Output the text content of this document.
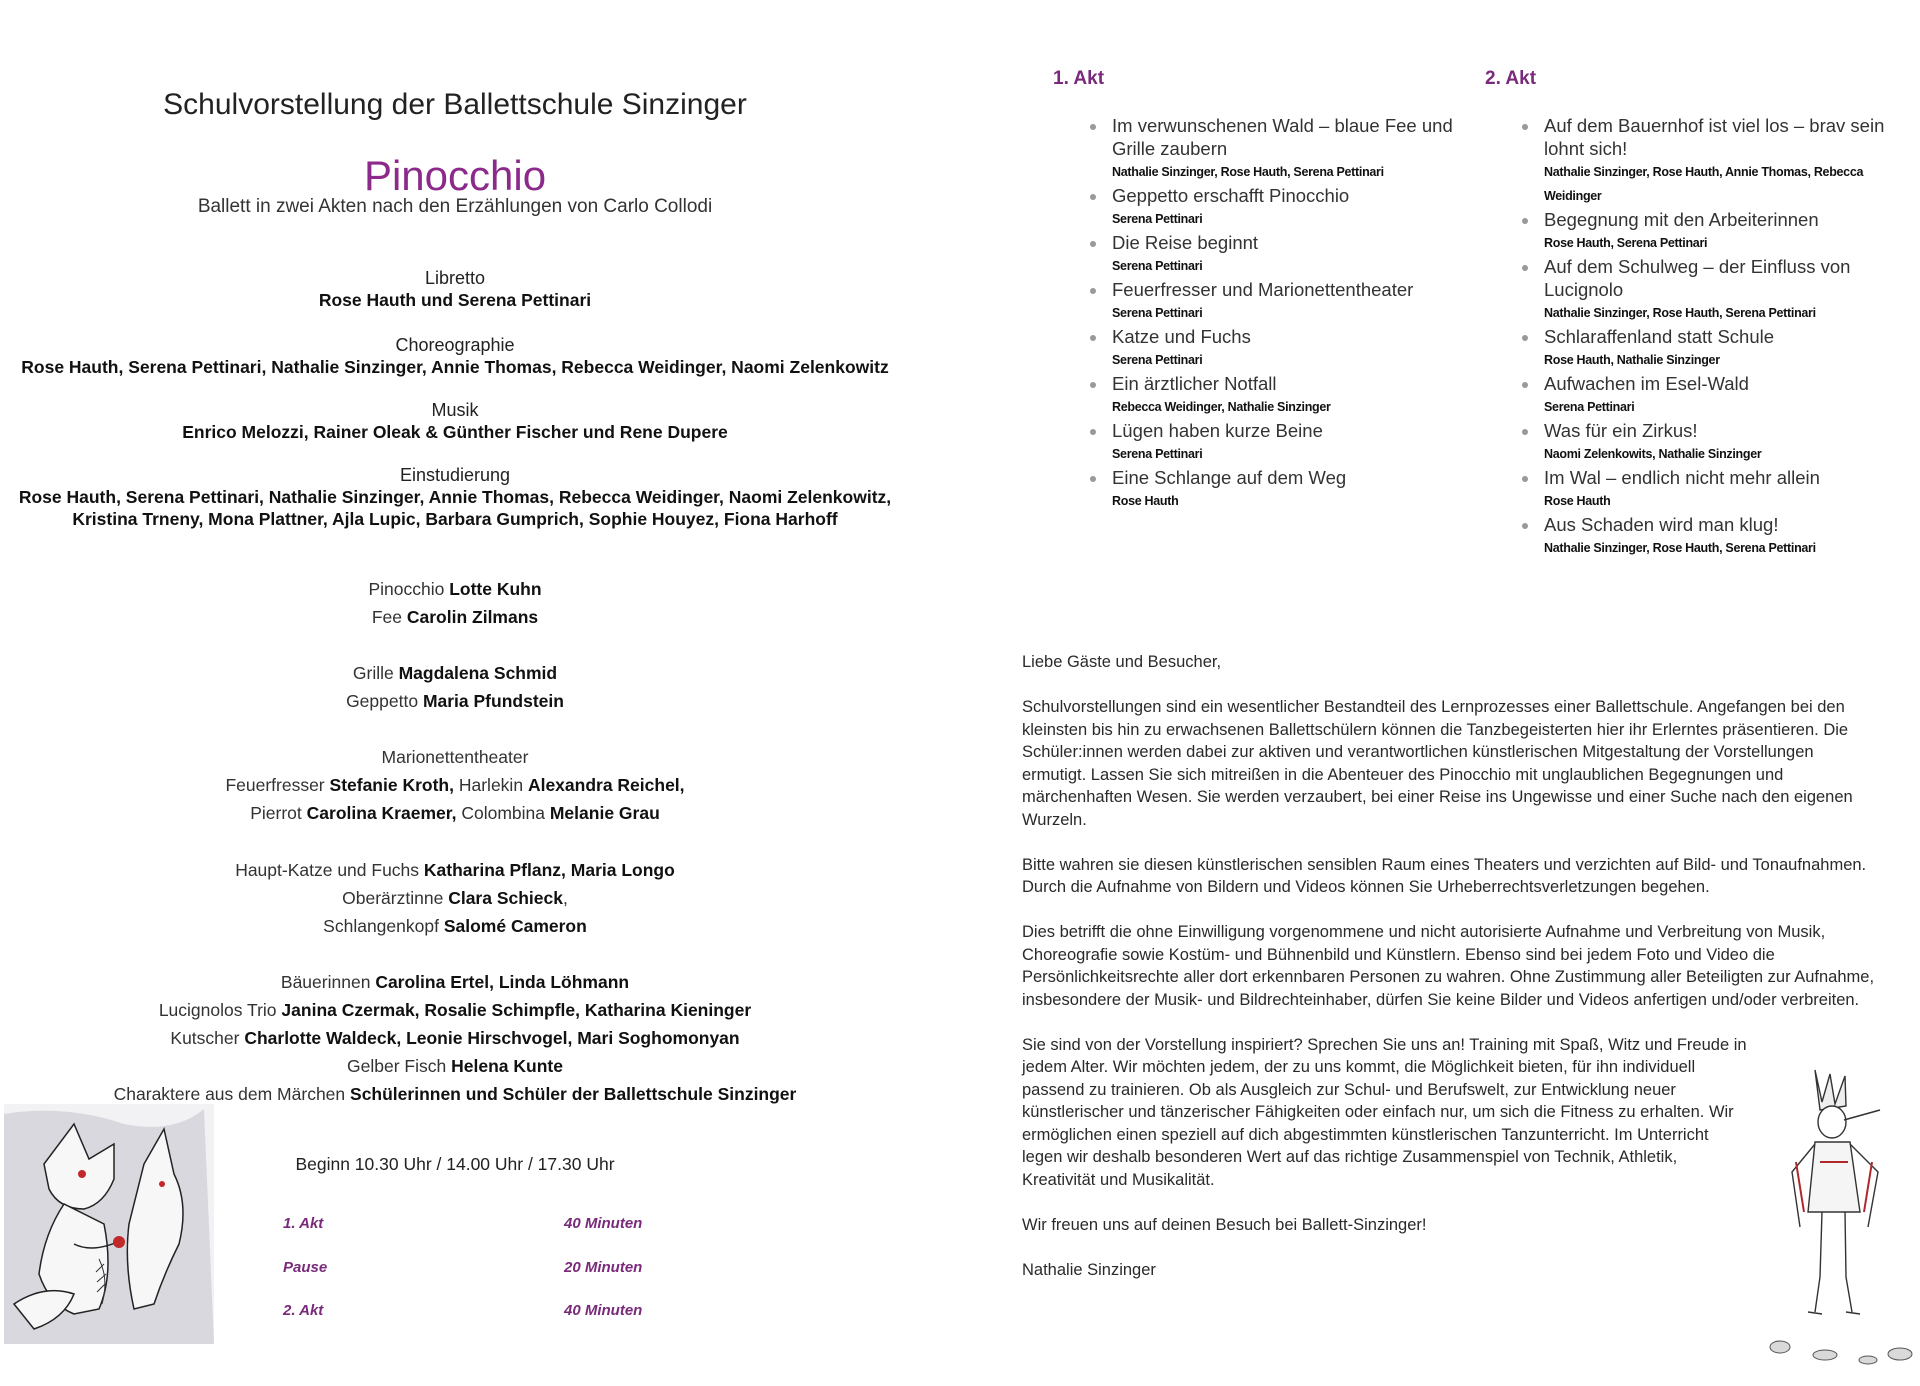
Schulvorstellung der Ballettschule Sinzinger
Pinocchio
Ballett in zwei Akten nach den Erzählungen von Carlo Collodi
Libretto
Rose Hauth und Serena Pettinari
Choreographie
Rose Hauth, Serena Pettinari, Nathalie Sinzinger, Annie Thomas, Rebecca Weidinger, Naomi Zelenkowitz
Musik
Enrico Melozzi, Rainer Oleak & Günther Fischer und Rene Dupere
Einstudierung
Rose Hauth, Serena Pettinari, Nathalie Sinzinger, Annie Thomas, Rebecca Weidinger, Naomi Zelenkowitz,
Kristina Trneny, Mona Plattner, Ajla Lupic, Barbara Gumprich, Sophie Houyez, Fiona Harhoff
Pinocchio Lotte Kuhn
Fee Carolin Zilmans
Grille Magdalena Schmid
Geppetto Maria Pfundstein
Marionettentheater
Feuerfresser Stefanie Kroth, Harlekin Alexandra Reichel,
Pierrot Carolina Kraemer, Colombina Melanie Grau
Haupt-Katze und Fuchs Katharina Pflanz, Maria Longo
Oberärztinne Clara Schieck,
Schlangenkopf Salomé Cameron
Bäuerinnen Carolina Ertel, Linda Löhmann
Lucignolos Trio Janina Czermak, Rosalie Schimpfle, Katharina Kieninger
Kutscher Charlotte Waldeck, Leonie Hirschvogel, Mari Soghomonyan
Gelber Fisch Helena Kunte
Charaktere aus dem Märchen Schülerinnen und Schüler der Ballettschule Sinzinger
Beginn 10.30 Uhr / 14.00 Uhr / 17.30 Uhr
1. Akt	40 Minuten
Pause	20 Minuten
2. Akt	40 Minuten
1. Akt
Im verwunschenen Wald – blaue Fee und Grille zaubern
Nathalie Sinzinger, Rose Hauth, Serena Pettinari
Geppetto erschafft Pinocchio
Serena Pettinari
Die Reise beginnt
Serena Pettinari
Feuerfresser und Marionettentheater
Serena Pettinari
Katze und Fuchs
Serena Pettinari
Ein ärztlicher Notfall
Rebecca Weidinger, Nathalie Sinzinger
Lügen haben kurze Beine
Serena Pettinari
Eine Schlange auf dem Weg
Rose Hauth
2. Akt
Auf dem Bauernhof ist viel los – brav sein lohnt sich!
Nathalie Sinzinger, Rose Hauth, Annie Thomas, Rebecca Weidinger
Begegnung mit den Arbeiterinnen
Rose Hauth, Serena Pettinari
Auf dem Schulweg – der Einfluss von Lucignolo
Nathalie Sinzinger, Rose Hauth, Serena Pettinari
Schlaraffenland statt Schule
Rose Hauth, Nathalie Sinzinger
Aufwachen im Esel-Wald
Serena Pettinari
Was für ein Zirkus!
Naomi Zelenkowits, Nathalie Sinzinger
Im Wal – endlich nicht mehr allein
Rose Hauth
Aus Schaden wird man klug!
Nathalie Sinzinger, Rose Hauth, Serena Pettinari

Liebe Gäste und Besucher,

Schulvorstellungen sind ein wesentlicher Bestandteil des Lernprozesses einer Ballettschule. Angefangen bei den kleinsten bis hin zu erwachsenen Ballettschülern können die Tanzbegeisterten hier ihr Erlerntes präsentieren. Die Schüler:innen werden dabei zur aktiven und verantwortlichen künstlerischen Mitgestaltung der Vorstellungen ermutigt. Lassen Sie sich mitreißen in die Abenteuer des Pinocchio mit unglaublichen Begegnungen und märchenhaften Wesen. Sie werden verzaubert, bei einer Reise ins Ungewisse und einer Suche nach den eigenen Wurzeln.

Bitte wahren sie diesen künstlerischen sensiblen Raum eines Theaters und verzichten auf Bild- und Tonaufnahmen. Durch die Aufnahme von Bildern und Videos können Sie Urheberrechtsverletzungen begehen.

Dies betrifft die ohne Einwilligung vorgenommene und nicht autorisierte Aufnahme und Verbreitung von Musik, Choreografie sowie Kostüm- und Bühnenbild und Künstlern. Ebenso sind bei jedem Foto und Video die Persönlichkeitsrechte aller dort erkennbaren Personen zu wahren. Ohne Zustimmung aller Beteiligten zur Aufnahme, insbesondere der Musik- und Bildrechteinhaber, dürfen Sie keine Bilder und Videos anfertigen und/oder verbreiten.

Sie sind von der Vorstellung inspiriert? Sprechen Sie uns an! Training mit Spaß, Witz und Freude in jedem Alter. Wir möchten jedem, der zu uns kommt, die Möglichkeit bieten, für ihn individuell passend zu trainieren. Ob als Ausgleich zur Schul- und Berufswelt, zur Entwicklung neuer künstlerischer und tänzerischer Fähigkeiten oder einfach nur, um sich die Fitness zu erhalten. Wir ermöglichen einen speziell auf dich abgestimmten künstlerischen Tanzunterricht. Im Unterricht legen wir deshalb besonderen Wert auf das richtige Zusammenspiel von Technik, Athletik, Kreativität und Musikalität.

Wir freuen uns auf deinen Besuch bei Ballett-Sinzinger!

Nathalie Sinzinger
